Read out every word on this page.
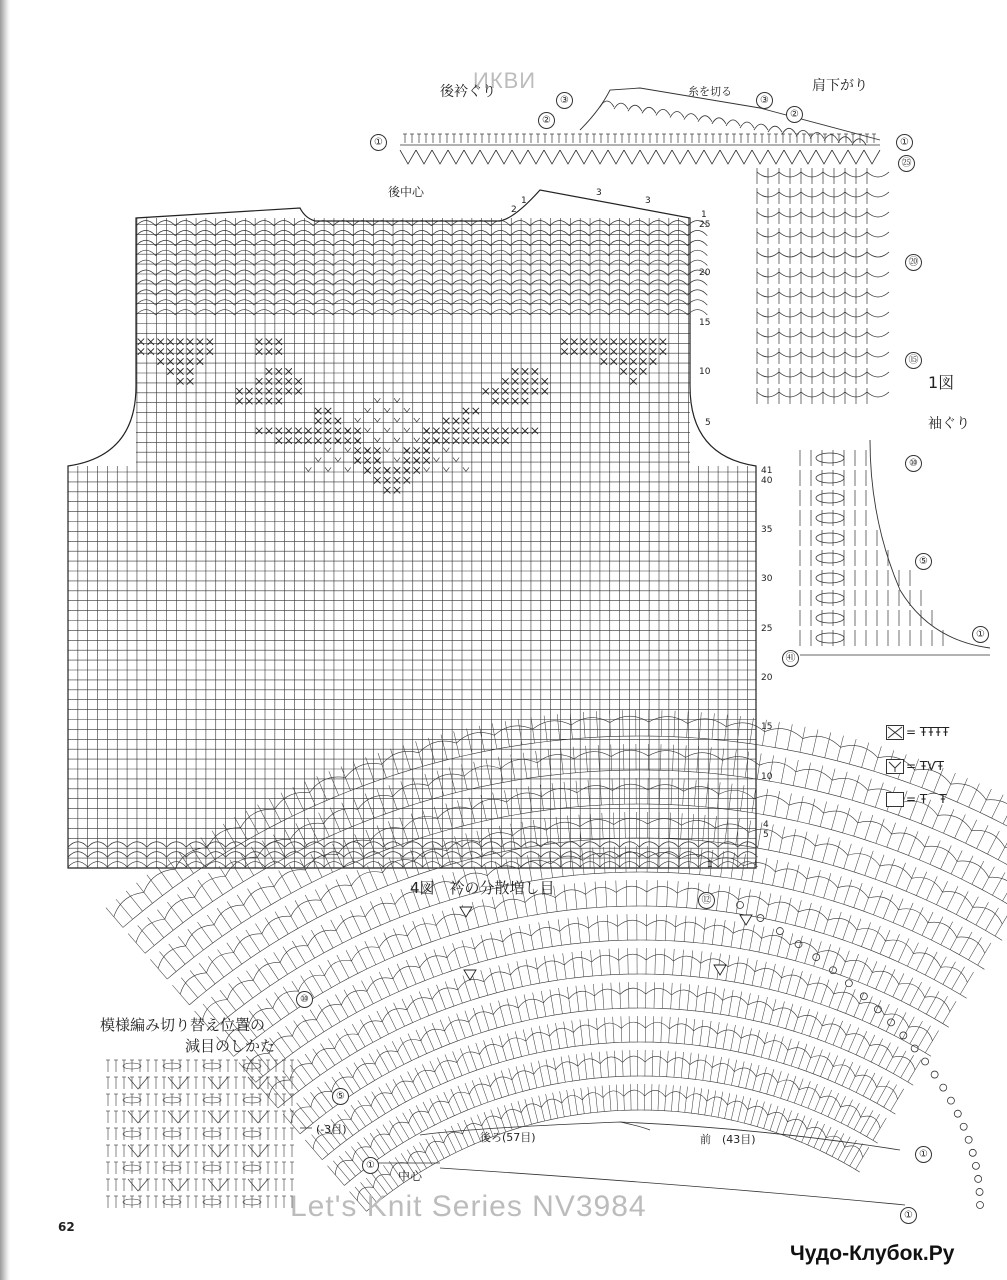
ИКВИ
後衿ぐり	糸を切る	肩下がり
後中心
1図
袖ぐり
①
②
③	③
②
①
㉕
⑳
⑮
⑩
⑤
①
㊶
1
4
5
10
15
20
25
30
35
40
41
5
10
15
20
25
1
2
1
3
3
= ŦŦŦŦ
= ŦѴŦ
= Ŧ⌒Ŧ
4図　衿の分散増し目
後ろ(57目)	前　(43目)
中心
⑫
⑩
⑤
①
①
①
模様編み切り替え位置の
減目のしかた
(-3目)
62
Let's Knit Series NV3984
Чудо-Клубок.Ру
